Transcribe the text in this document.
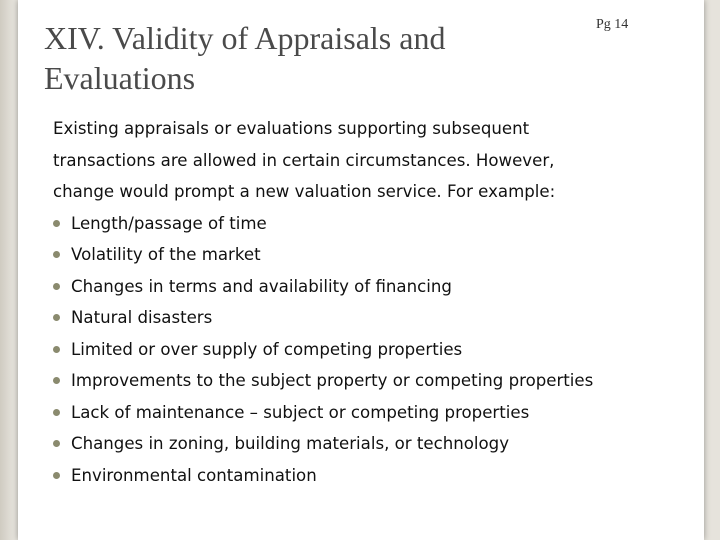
XIV. Validity of Appraisals and Evaluations
Pg 14

Existing appraisals or evaluations supporting subsequent
transactions are allowed in certain circumstances. However,
change would prompt a new valuation service. For example:

Length/passage of time
Volatility of the market
Changes in terms and availability of financing
Natural disasters
Limited or over supply of competing properties
Improvements to the subject property or competing properties
Lack of maintenance – subject or competing properties
Changes in zoning, building materials, or technology
Environmental contamination
